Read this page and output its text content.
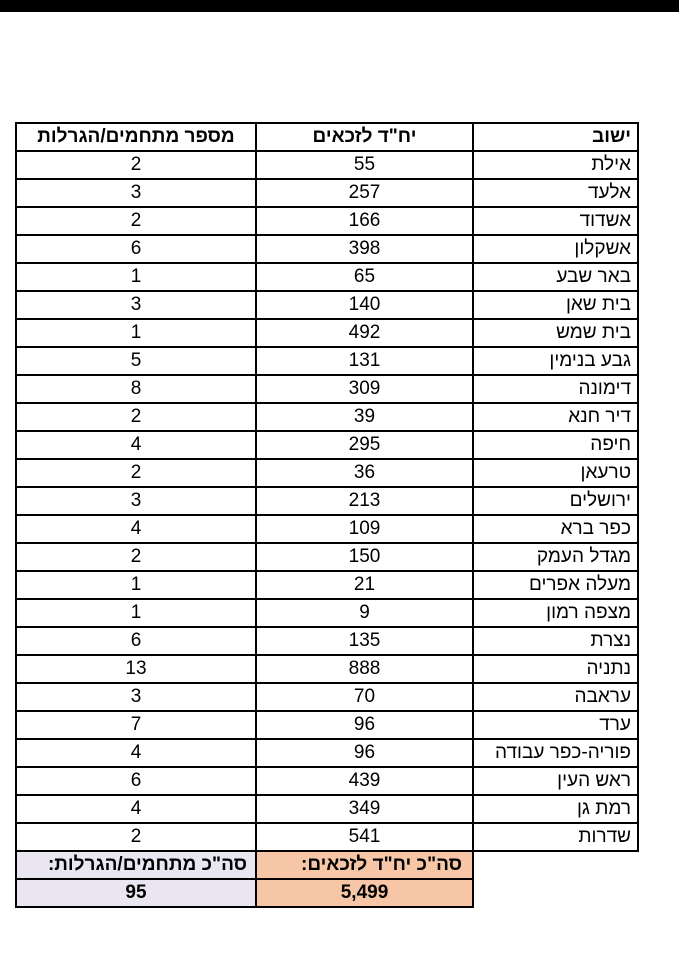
ישוב	יח"ד לזכאים	מספר מתחמים/הגרלות
אילת	55	2
אלעד	257	3
אשדוד	166	2
אשקלון	398	6
באר שבע	65	1
בית שאן	140	3
בית שמש	492	1
גבע בנימין	131	5
דימונה	309	8
דיר חנא	39	2
חיפה	295	4
טרעאן	36	2
ירושלים	213	3
כפר ברא	109	4
מגדל העמק	150	2
מעלה אפרים	21	1
מצפה רמון	9	1
נצרת	135	6
נתניה	888	13
עראבה	70	3
ערד	96	7
פוריה-כפר עבודה	96	4
ראש העין	439	6
רמת גן	349	4
שדרות	541	2
	סה"כ יח"ד לזכאים:	סה"כ מתחמים/הגרלות:
	5,499	95
